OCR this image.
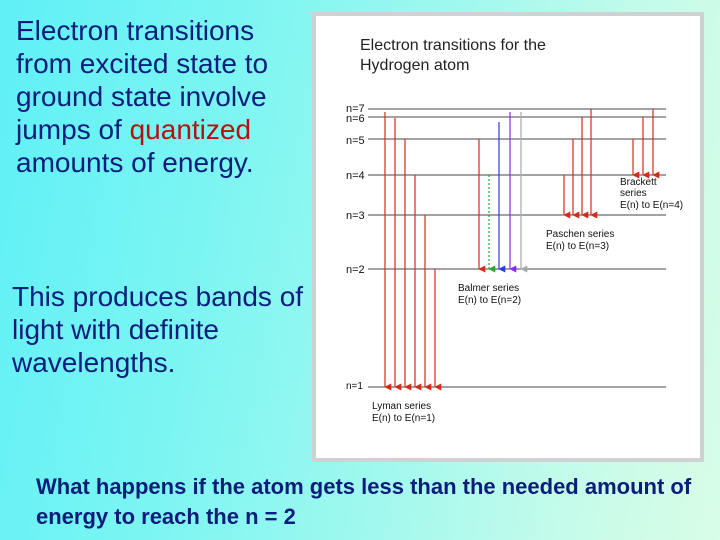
Electron transitions from excited state to ground state involve jumps of quantized amounts of energy.

This produces bands of light with definite wavelengths.

What happens if the atom gets less than the needed amount of energy to reach the n = 2

Electron transitions for the
Hydrogen atom
n=7
n=6
n=5
n=4
n=3
n=2
n=1
Lyman series
E(n) to E(n=1)
Balmer series
E(n) to E(n=2)
Paschen series
E(n) to E(n=3)
Brackett
series
E(n) to E(n=4)
